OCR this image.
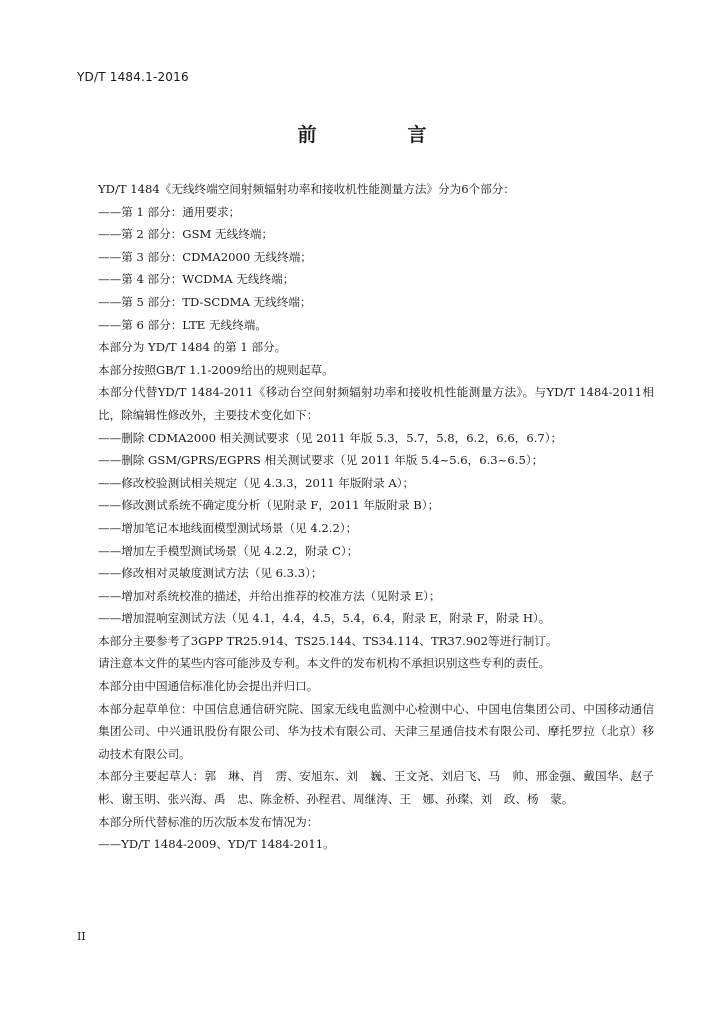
YD/T 1484.1-2016
前　言

YD/T 1484《无线终端空间射频辐射功率和接收机性能测量方法》分为6个部分：

——第 1 部分：通用要求；

——第 2 部分：GSM 无线终端；

——第 3 部分：CDMA2000 无线终端；

——第 4 部分：WCDMA 无线终端；

——第 5 部分：TD-SCDMA 无线终端；

——第 6 部分：LTE 无线终端。

本部分为 YD/T 1484 的第 1 部分。

本部分按照GB/T 1.1-2009给出的规则起草。

本部分代替YD/T 1484-2011《移动台空间射频辐射功率和接收机性能测量方法》。与YD/T 1484-2011相比，除编辑性修改外，主要技术变化如下：

——删除 CDMA2000 相关测试要求（见 2011 年版 5.3，5.7，5.8，6.2，6.6，6.7）；

——删除 GSM/GPRS/EGPRS 相关测试要求（见 2011 年版 5.4~5.6，6.3~6.5）；

——修改校验测试相关规定（见 4.3.3，2011 年版附录 A）；

——修改测试系统不确定度分析（见附录 F，2011 年版附录 B）；

——增加笔记本地线面模型测试场景（见 4.2.2）；

——增加左手模型测试场景（见 4.2.2，附录 C）；

——修改相对灵敏度测试方法（见 6.3.3）；

——增加对系统校准的描述，并给出推荐的校准方法（见附录 E）；

——增加混响室测试方法（见 4.1，4.4，4.5，5.4，6.4，附录 E，附录 F，附录 H）。

本部分主要参考了3GPP TR25.914、TS25.144、TS34.114、TR37.902等进行制订。

请注意本文件的某些内容可能涉及专利。本文件的发布机构不承担识别这些专利的责任。

本部分由中国通信标准化协会提出并归口。

本部分起草单位：中国信息通信研究院、国家无线电监测中心检测中心、中国电信集团公司、中国移动通信集团公司、中兴通讯股份有限公司、华为技术有限公司、天津三星通信技术有限公司、摩托罗拉（北京）移动技术有限公司。

本部分主要起草人：郭　琳、肖　雳、安旭东、刘　巍、王文尧、刘启飞、马　帅、邢金强、戴国华、赵子彬、谢玉明、张兴海、禹　忠、陈金桥、孙程君、周继涛、王　娜、孙璨、刘　政、杨　蒙。

本部分所代替标准的历次版本发布情况为：

——YD/T 1484-2009、YD/T 1484-2011。

II
